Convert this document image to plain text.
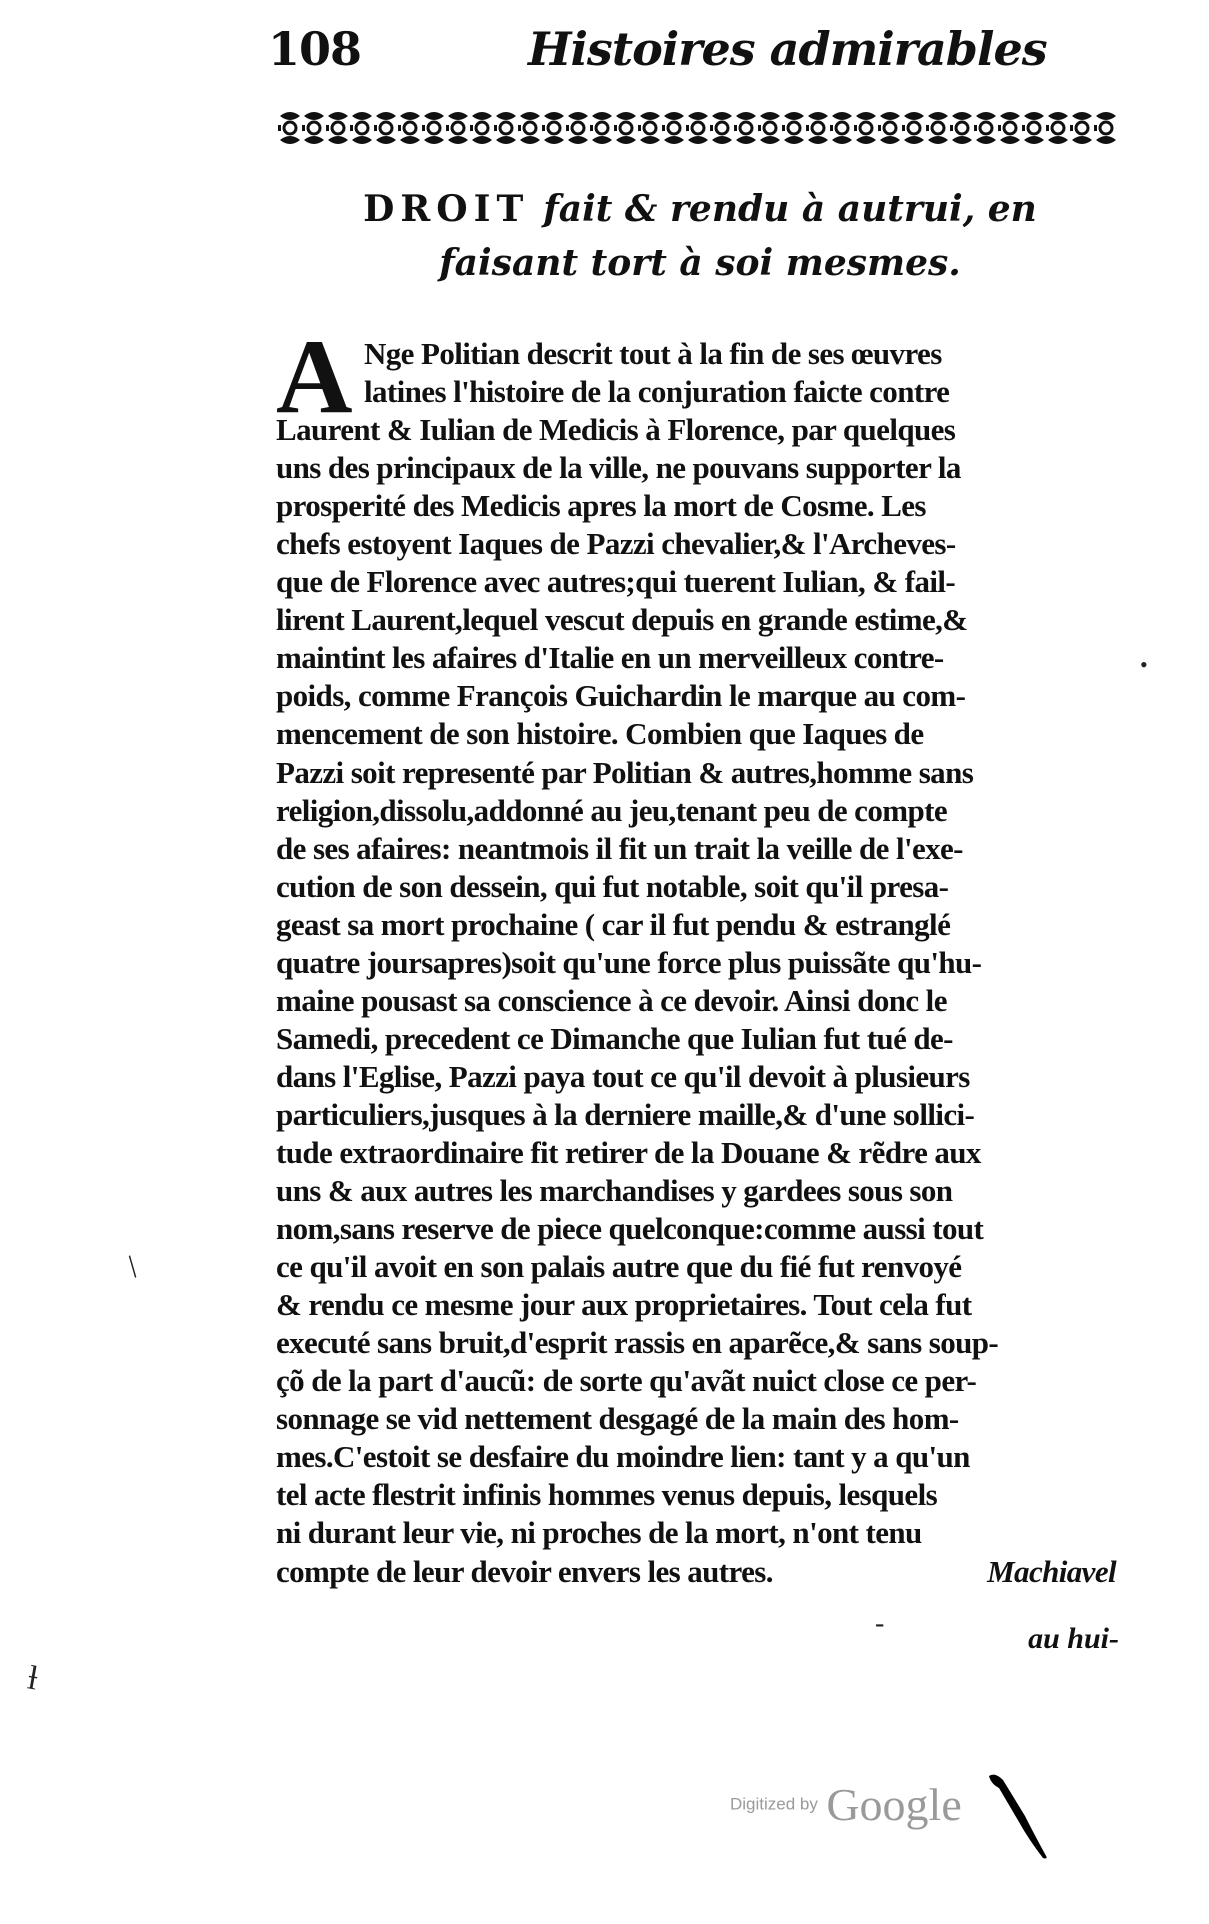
108	Histoires admirables
DROIT fait & rendu à autrui, en
faisant tort à soi mesmes.
A Nge Politian descrit tout à la fin de ses œuvres
latines l'histoire de la conjuration faicte contre
Laurent & Iulian de Medicis à Florence, par quelques
uns des principaux de la ville, ne pouvans supporter la
prosperité des Medicis apres la mort de Cosme. Les
chefs estoyent Iaques de Pazzi chevalier,& l'Archeves-
que de Florence avec autres;qui tuerent Iulian, & fail-
lirent Laurent,lequel vescut depuis en grande estime,&
maintint les afaires d'Italie en un merveilleux contre-
poids, comme François Guichardin le marque au com-
mencement de son histoire. Combien que Iaques de
Pazzi soit representé par Politian & autres,homme sans
religion,dissolu,addonné au jeu,tenant peu de compte
de ses afaires: neantmois il fit un trait la veille de l'exe-
cution de son dessein, qui fut notable, soit qu'il presa-
geast sa mort prochaine ( car il fut pendu & estranglé
quatre joursapres)soit qu'une force plus puissãte qu'hu-
maine pousast sa conscience à ce devoir. Ainsi donc le
Samedi, precedent ce Dimanche que Iulian fut tué de-
dans l'Eglise, Pazzi paya tout ce qu'il devoit à plusieurs
particuliers,jusques à la derniere maille,& d'une sollici-
tude extraordinaire fit retirer de la Douane & rẽdre aux
uns & aux autres les marchandises y gardees sous son
nom,sans reserve de piece quelconque:comme aussi tout
ce qu'il avoit en son palais autre que du fié fut renvoyé
& rendu ce mesme jour aux proprietaires. Tout cela fut
executé sans bruit,d'esprit rassis en aparẽce,& sans soup-
çõ de la part d'aucũ: de sorte qu'avãt nuict close ce per-
sonnage se vid nettement desgagé de la main des hom-
mes.C'estoit se desfaire du moindre lien: tant y a qu'un
tel acte flestrit infinis hommes venus depuis, lesquels
ni durant leur vie, ni proches de la mort, n'ont tenu
compte de leur devoir envers les autres.	Machiavel
au hui-
•
/
ƚ
-
Digitized by Google
